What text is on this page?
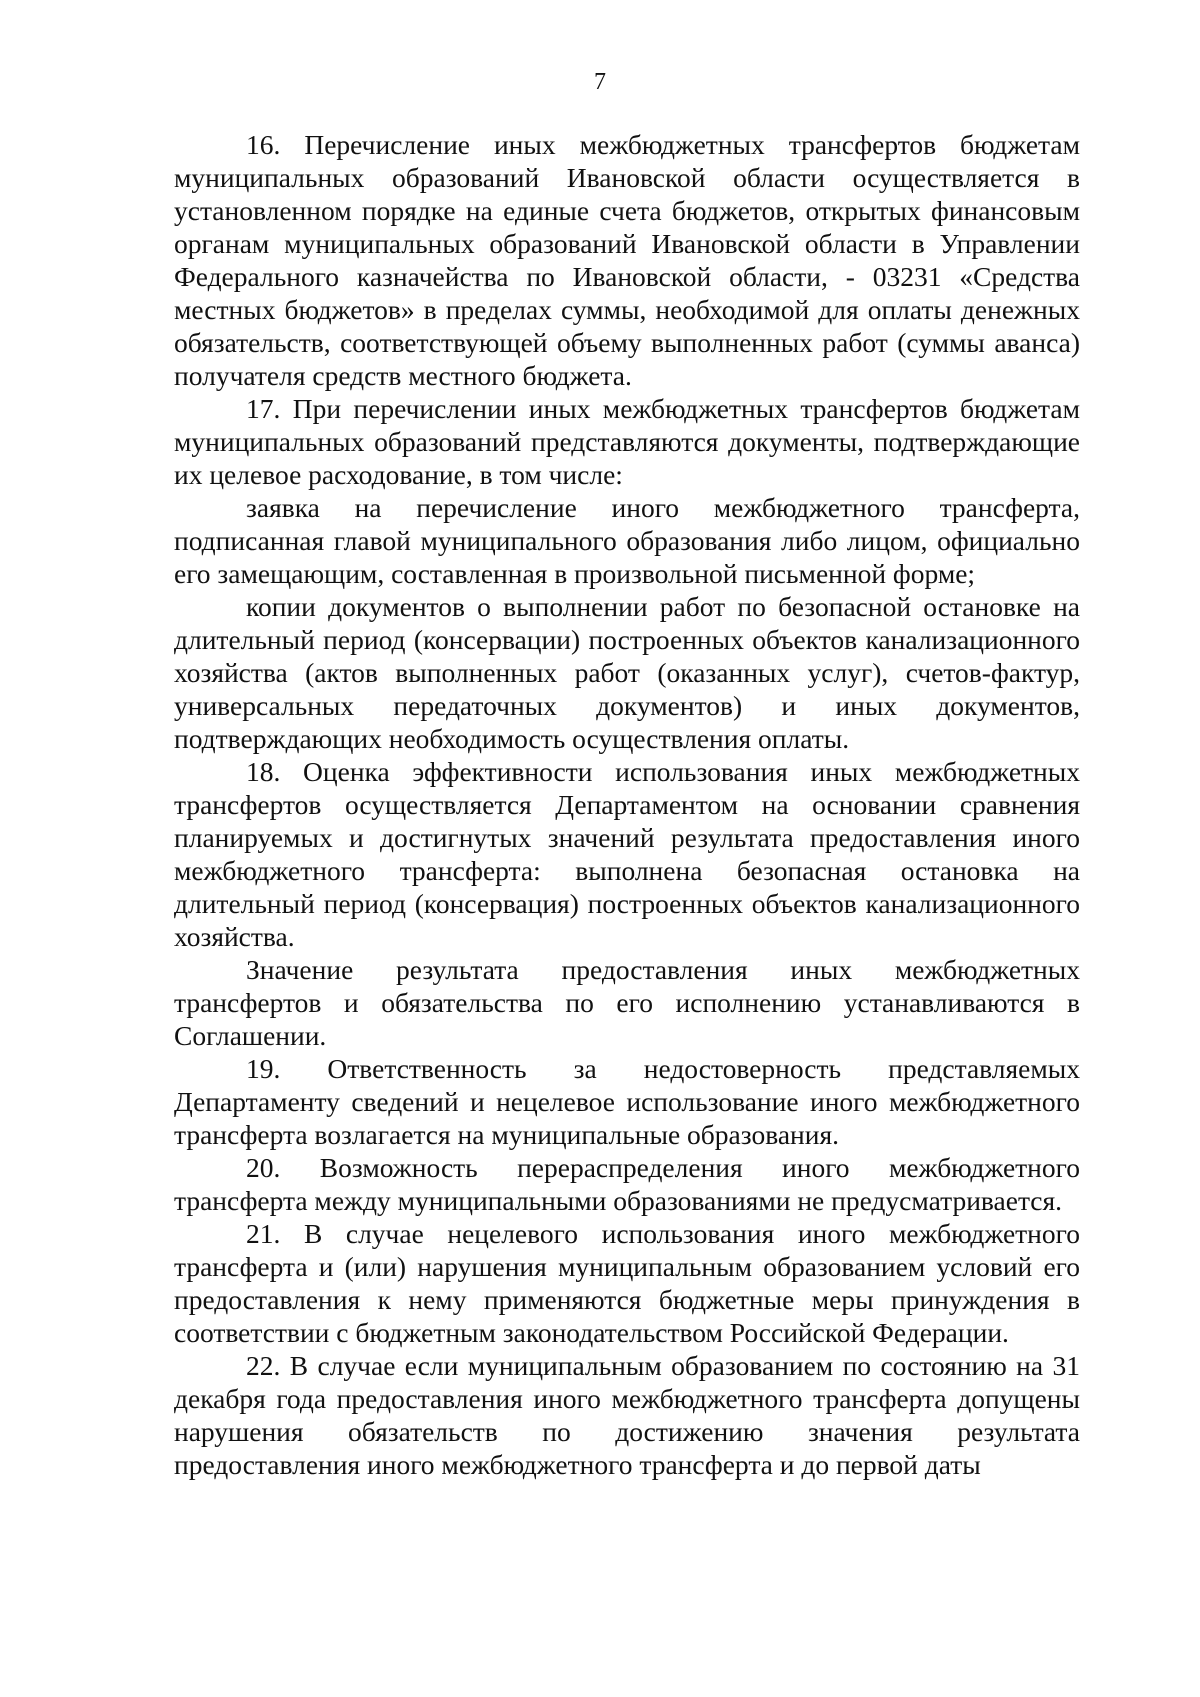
7

16. Перечисление иных межбюджетных трансфертов бюджетам муниципальных образований Ивановской области осуществляется в установленном порядке на единые счета бюджетов, открытых финансовым органам муниципальных образований Ивановской области в Управлении Федерального казначейства по Ивановской области, - 03231 «Средства местных бюджетов» в пределах суммы, необходимой для оплаты денежных обязательств, соответствующей объему выполненных работ (суммы аванса) получателя средств местного бюджета.

17. При перечислении иных межбюджетных трансфертов бюджетам муниципальных образований представляются документы, подтверждающие их целевое расходование, в том числе:

заявка на перечисление иного межбюджетного трансферта, подписанная главой муниципального образования либо лицом, официально его замещающим, составленная в произвольной письменной форме;

копии документов о выполнении работ по безопасной остановке на длительный период (консервации) построенных объектов канализационного хозяйства (актов выполненных работ (оказанных услуг), счетов-фактур, универсальных передаточных документов) и иных документов, подтверждающих необходимость осуществления оплаты.

18. Оценка эффективности использования иных межбюджетных трансфертов осуществляется Департаментом на основании сравнения планируемых и достигнутых значений результата предоставления иного межбюджетного трансферта: выполнена безопасная остановка на длительный период (консервация) построенных объектов канализационного хозяйства.

Значение результата предоставления иных межбюджетных трансфертов и обязательства по его исполнению устанавливаются в Соглашении.

19. Ответственность за недостоверность представляемых Департаменту сведений и нецелевое использование иного межбюджетного трансферта возлагается на муниципальные образования.

20. Возможность перераспределения иного межбюджетного трансферта между муниципальными образованиями не предусматривается.

21. В случае нецелевого использования иного межбюджетного трансферта и (или) нарушения муниципальным образованием условий его предоставления к нему применяются бюджетные меры принуждения в соответствии с бюджетным законодательством Российской Федерации.

22. В случае если муниципальным образованием по состоянию на 31 декабря года предоставления иного межбюджетного трансферта допущены нарушения обязательств по достижению значения результата предоставления иного межбюджетного трансферта и до первой даты
